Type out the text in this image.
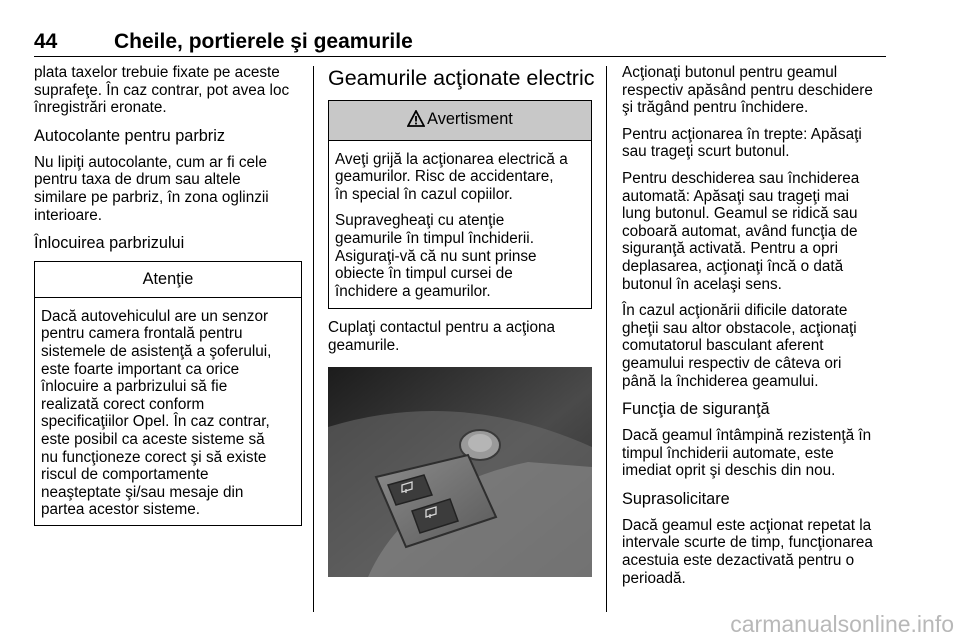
44	Cheile, portierele şi geamurile

plata taxelor trebuie fixate pe aceste
suprafeţe. În caz contrar, pot avea loc
înregistrări eronate.

Autocolante pentru parbriz

Nu lipiţi autocolante, cum ar fi cele
pentru taxa de drum sau altele
similare pe parbriz, în zona oglinzii
interioare.

Înlocuirea parbrizului
Atenţie
Dacă autovehiculul are un senzor
pentru camera frontală pentru
sistemele de asistenţă a şoferului,
este foarte important ca orice
înlocuire a parbrizului să fie
realizată corect conform
specificaţiilor Opel. În caz contrar,
este posibil ca aceste sisteme să
nu funcţioneze corect şi să existe
riscul de comportamente
neaşteptate şi/sau mesaje din
partea acestor sisteme.
Geamurile acţionate electric
Avertisment

Aveţi grijă la acţionarea electrică a
geamurilor. Risc de accidentare,
în special în cazul copiilor.

Supravegheaţi cu atenţie
geamurile în timpul închiderii.
Asiguraţi-vă că nu sunt prinse
obiecte în timpul cursei de
închidere a geamurilor.

Cuplaţi contactul pentru a acţiona
geamurile.

Acţionaţi butonul pentru geamul
respectiv apăsând pentru deschidere
şi trăgând pentru închidere.

Pentru acţionarea în trepte: Apăsaţi
sau trageţi scurt butonul.

Pentru deschiderea sau închiderea
automată: Apăsaţi sau trageţi mai
lung butonul. Geamul se ridică sau
coboară automat, având funcţia de
siguranţă activată. Pentru a opri
deplasarea, acţionaţi încă o dată
butonul în acelaşi sens.

În cazul acţionării dificile datorate
gheţii sau altor obstacole, acţionaţi
comutatorul basculant aferent
geamului respectiv de câteva ori
până la închiderea geamului.

Funcţia de siguranţă

Dacă geamul întâmpină rezistenţă în
timpul închiderii automate, este
imediat oprit şi deschis din nou.

Suprasolicitare

Dacă geamul este acţionat repetat la
intervale scurte de timp, funcţionarea
acestuia este dezactivată pentru o
perioadă.

carmanualsonline.info
